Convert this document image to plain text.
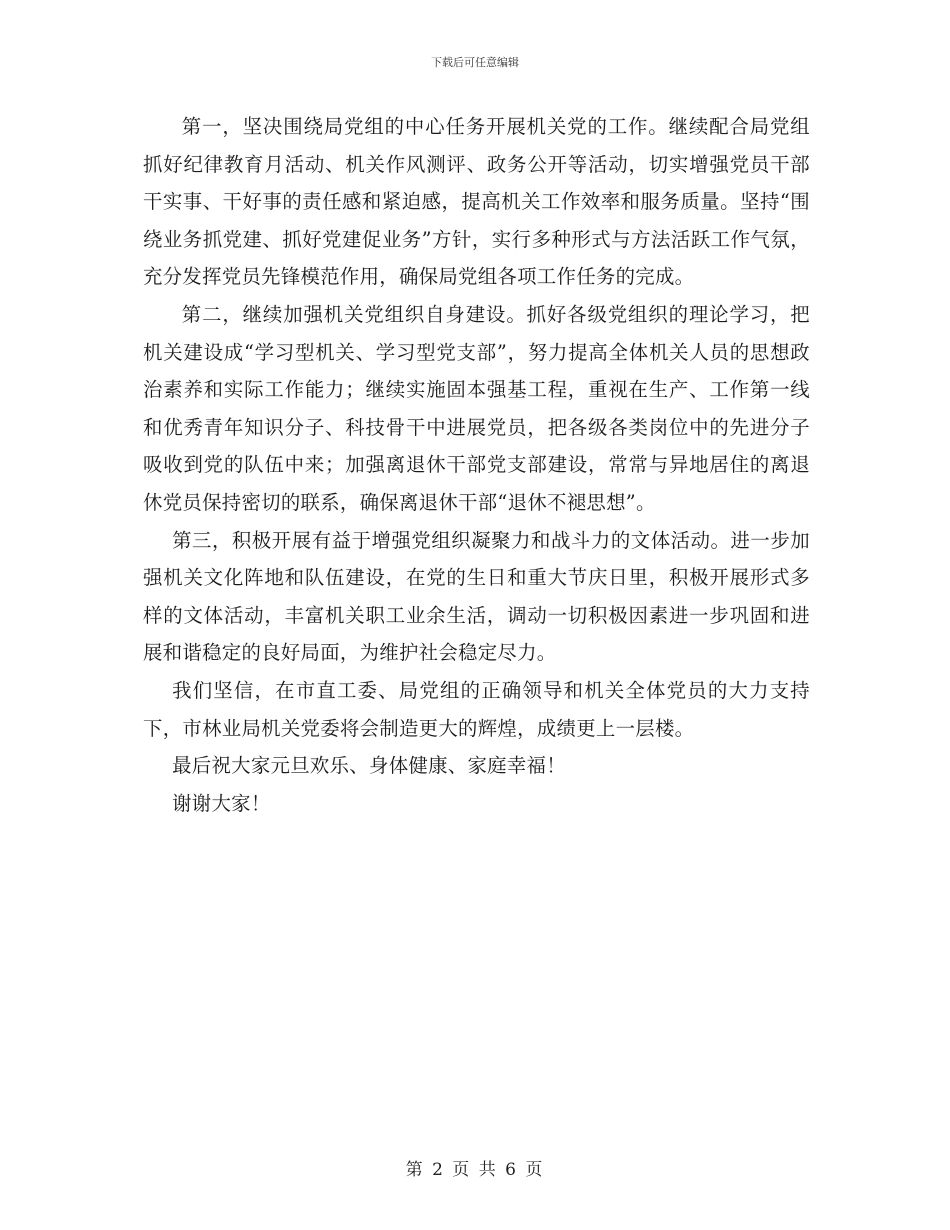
下载后可任意编辑

第一，坚决围绕局党组的中心任务开展机关党的工作。继续配合局党组抓好纪律教育月活动、机关作风测评、政务公开等活动，切实增强党员干部干实事、干好事的责任感和紧迫感，提高机关工作效率和服务质量。坚持“围绕业务抓党建、抓好党建促业务”方针，实行多种形式与方法活跃工作气氛，充分发挥党员先锋模范作用，确保局党组各项工作任务的完成。

第二，继续加强机关党组织自身建设。抓好各级党组织的理论学习，把机关建设成“学习型机关、学习型党支部”，努力提高全体机关人员的思想政治素养和实际工作能力；继续实施固本强基工程，重视在生产、工作第一线和优秀青年知识分子、科技骨干中进展党员，把各级各类岗位中的先进分子吸收到党的队伍中来；加强离退休干部党支部建设，常常与异地居住的离退休党员保持密切的联系，确保离退休干部“退休不褪思想”。

第三，积极开展有益于增强党组织凝聚力和战斗力的文体活动。进一步加强机关文化阵地和队伍建设，在党的生日和重大节庆日里，积极开展形式多样的文体活动，丰富机关职工业余生活，调动一切积极因素进一步巩固和进展和谐稳定的良好局面，为维护社会稳定尽力。

我们坚信，在市直工委、局党组的正确领导和机关全体党员的大力支持下，市林业局机关党委将会制造更大的辉煌，成绩更上一层楼。

最后祝大家元旦欢乐、身体健康、家庭幸福！

谢谢大家！

第 2 页 共 6 页
